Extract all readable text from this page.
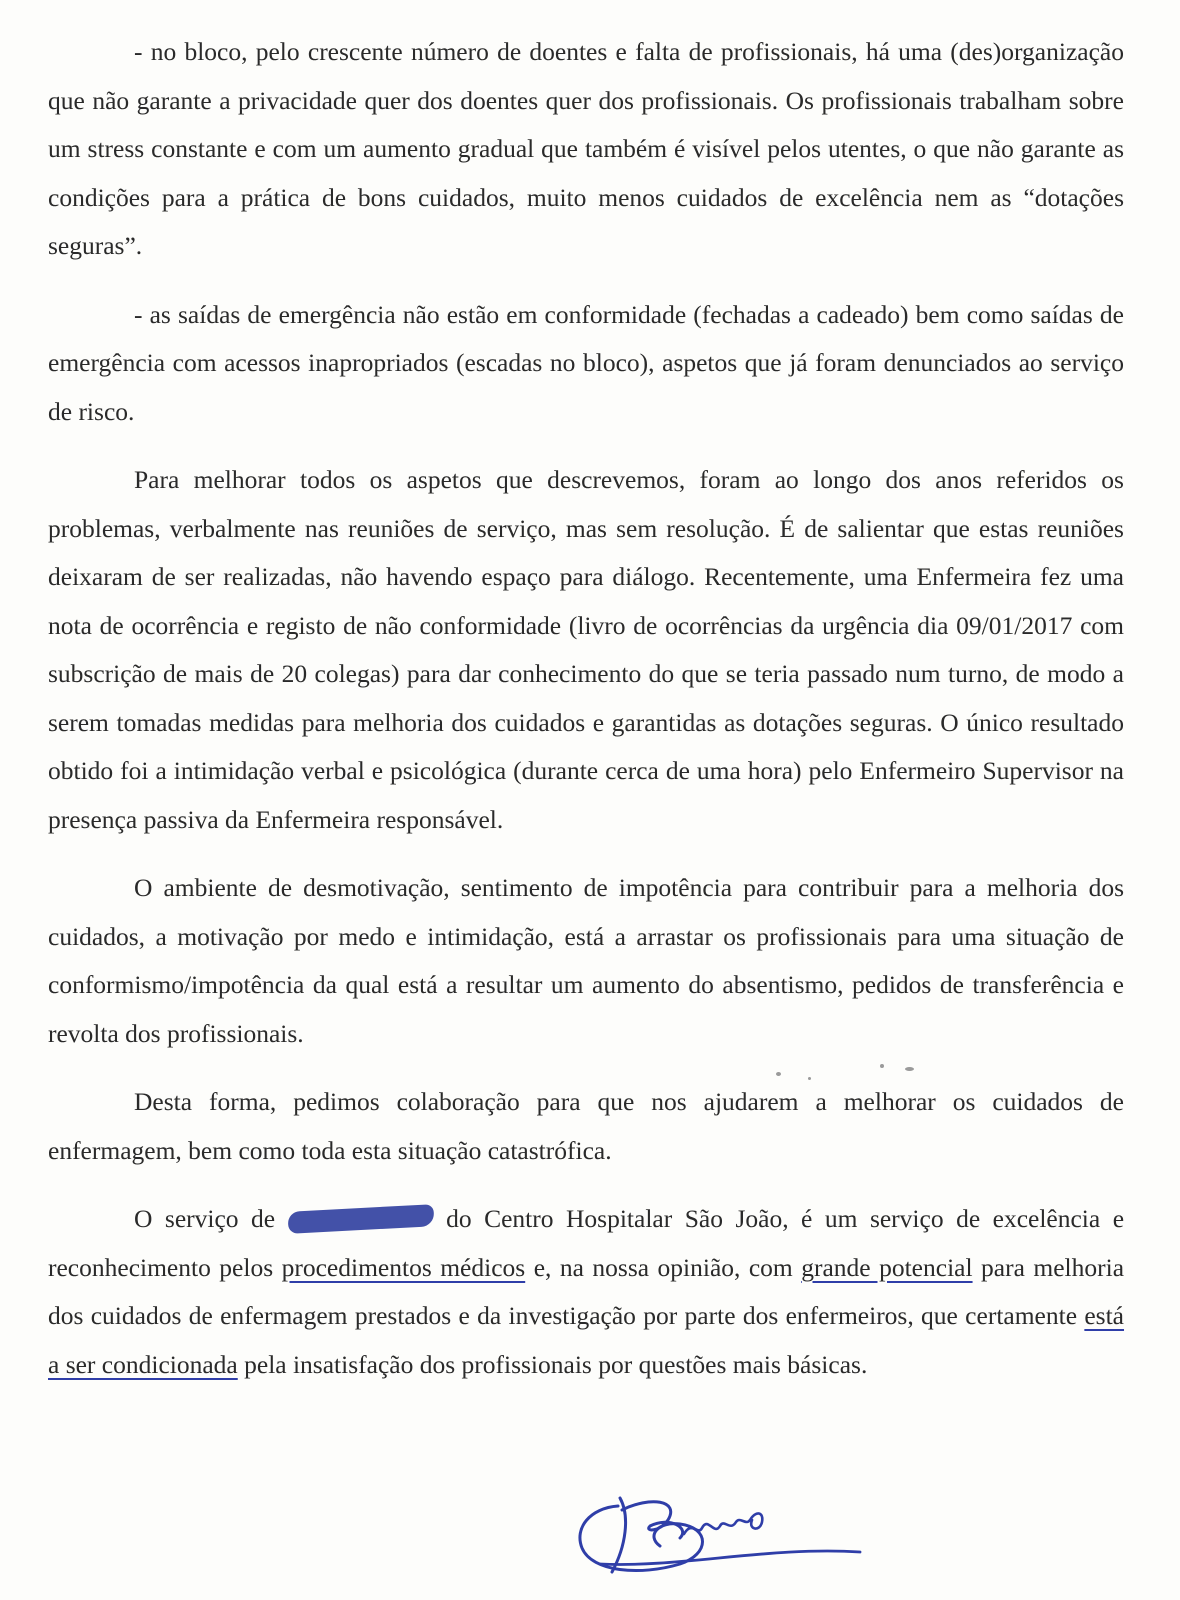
- no bloco, pelo crescente número de doentes e falta de profissionais, há uma (des)organização que não garante a privacidade quer dos doentes quer dos profissionais. Os profissionais trabalham sobre um stress constante e com um aumento gradual que também é visível pelos utentes, o que não garante as condições para a prática de bons cuidados, muito menos cuidados de excelência nem as “dotações seguras”.

- as saídas de emergência não estão em conformidade (fechadas a cadeado) bem como saídas de emergência com acessos inapropriados (escadas no bloco), aspetos que já foram denunciados ao serviço de risco.

Para melhorar todos os aspetos que descrevemos, foram ao longo dos anos referidos os problemas, verbalmente nas reuniões de serviço, mas sem resolução. É de salientar que estas reuniões deixaram de ser realizadas, não havendo espaço para diálogo. Recentemente, uma Enfermeira fez uma nota de ocorrência e registo de não conformidade (livro de ocorrências da urgência dia 09/01/2017 com subscrição de mais de 20 colegas) para dar conhecimento do que se teria passado num turno, de modo a serem tomadas medidas para melhoria dos cuidados e garantidas as dotações seguras. O único resultado obtido foi a intimidação verbal e psicológica (durante cerca de uma hora) pelo Enfermeiro Supervisor na presença passiva da Enfermeira responsável.

O ambiente de desmotivação, sentimento de impotência para contribuir para a melhoria dos cuidados, a motivação por medo e intimidação, está a arrastar os profissionais para uma situação de conformismo/impotência da qual está a resultar um aumento do absentismo, pedidos de transferência e revolta dos profissionais.

Desta forma, pedimos colaboração para que nos ajudarem a melhorar os cuidados de enfermagem, bem como toda esta situação catastrófica.

O serviço de	do Centro Hospitalar São João, é um serviço de excelência e reconhecimento pelos procedimentos médicos e, na nossa opinião, com grande potencial para melhoria dos cuidados de enfermagem prestados e da investigação por parte dos enfermeiros, que certamente está a ser condicionada pela insatisfação dos profissionais por questões mais básicas.
